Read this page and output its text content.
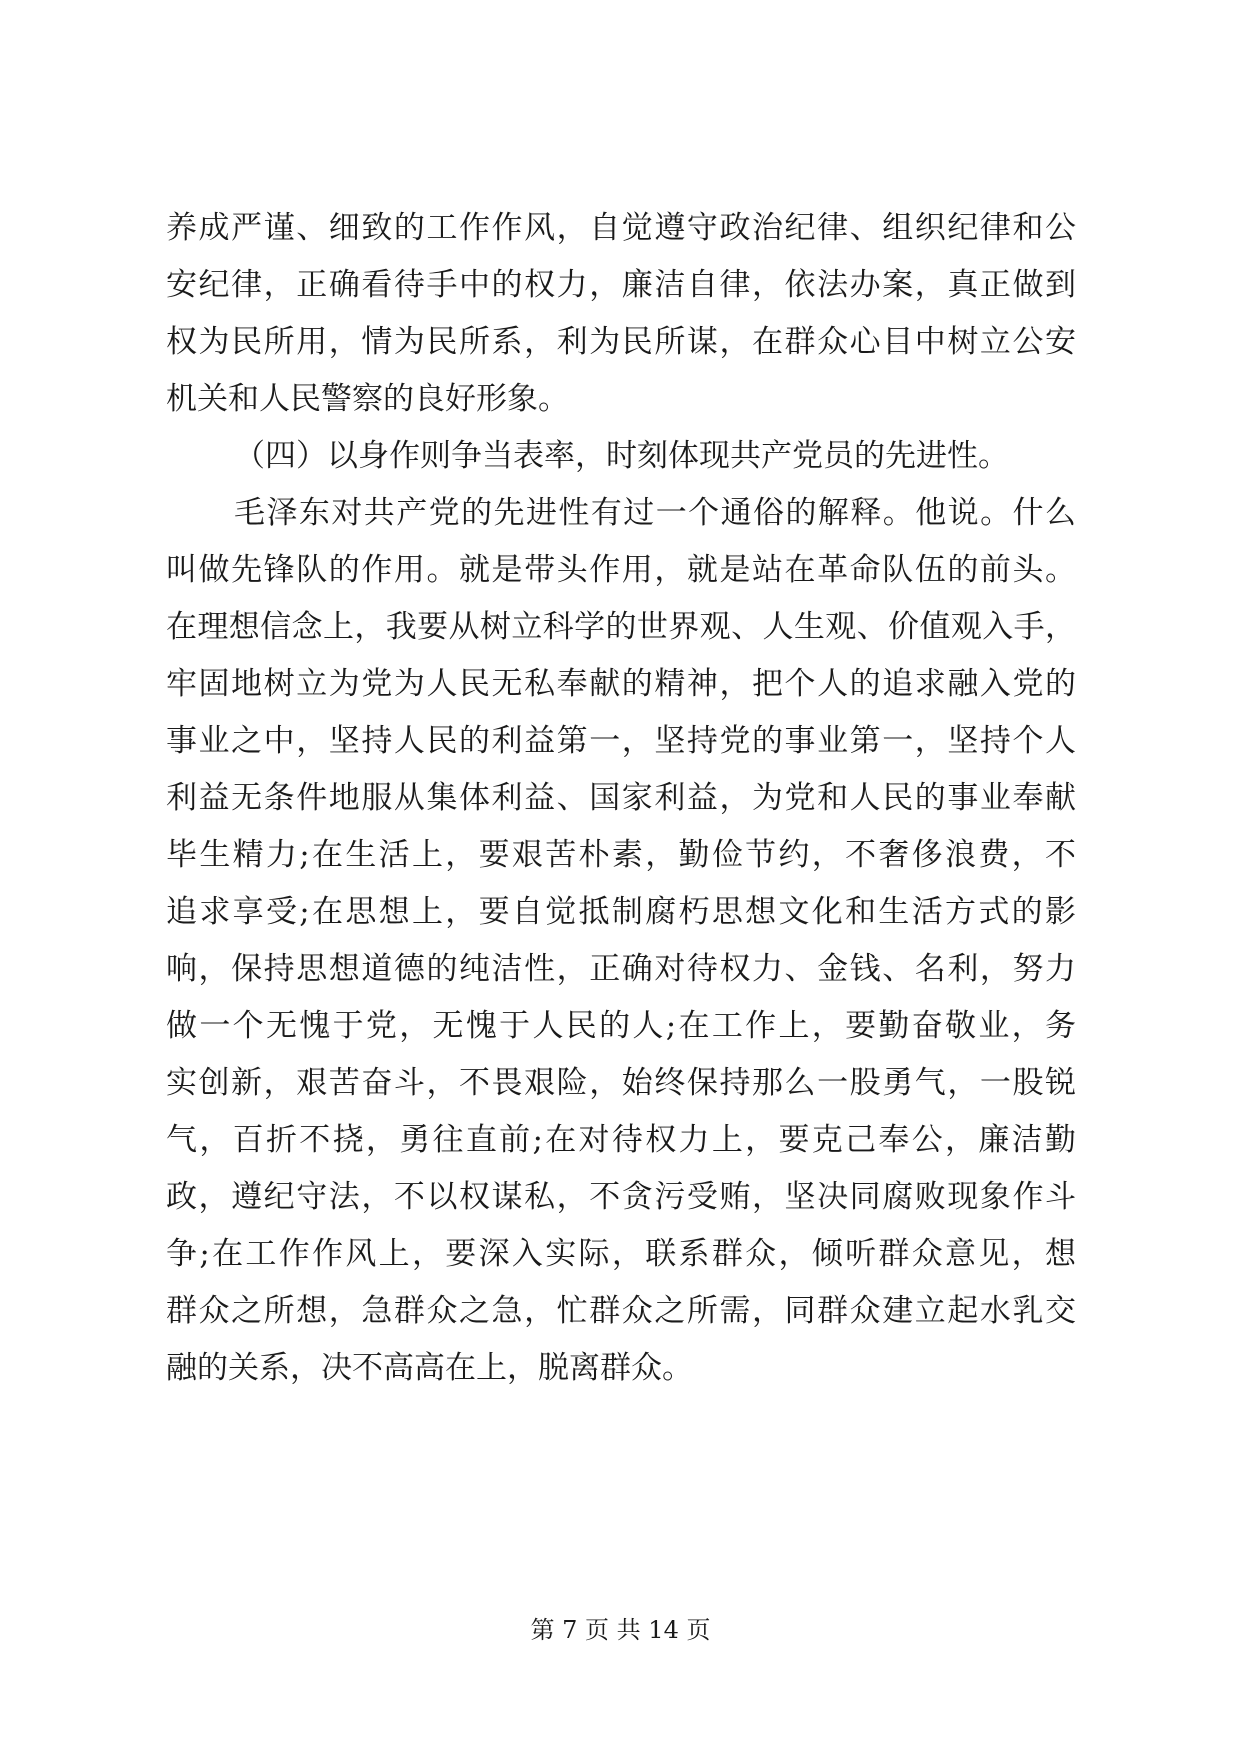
养成严谨、细致的工作作风，自觉遵守政治纪律、组织纪律和公
安纪律，正确看待手中的权力，廉洁自律，依法办案，真正做到
权为民所用，情为民所系，利为民所谋，在群众心目中树立公安
机关和人民警察的良好形象。
（四）以身作则争当表率，时刻体现共产党员的先进性。
毛泽东对共产党的先进性有过一个通俗的解释。他说。什么
叫做先锋队的作用。就是带头作用，就是站在革命队伍的前头。
在理想信念上，我要从树立科学的世界观、人生观、价值观入手，
牢固地树立为党为人民无私奉献的精神，把个人的追求融入党的
事业之中，坚持人民的利益第一，坚持党的事业第一，坚持个人
利益无条件地服从集体利益、国家利益，为党和人民的事业奉献
毕生精力;在生活上，要艰苦朴素，勤俭节约，不奢侈浪费，不
追求享受;在思想上，要自觉抵制腐朽思想文化和生活方式的影
响，保持思想道德的纯洁性，正确对待权力、金钱、名利，努力
做一个无愧于党，无愧于人民的人;在工作上，要勤奋敬业，务
实创新，艰苦奋斗，不畏艰险，始终保持那么一股勇气，一股锐
气，百折不挠，勇往直前;在对待权力上，要克己奉公，廉洁勤
政，遵纪守法，不以权谋私，不贪污受贿，坚决同腐败现象作斗
争;在工作作风上，要深入实际，联系群众，倾听群众意见，想
群众之所想，急群众之急，忙群众之所需，同群众建立起水乳交
融的关系，决不高高在上，脱离群众。
第 7 页 共 14 页
